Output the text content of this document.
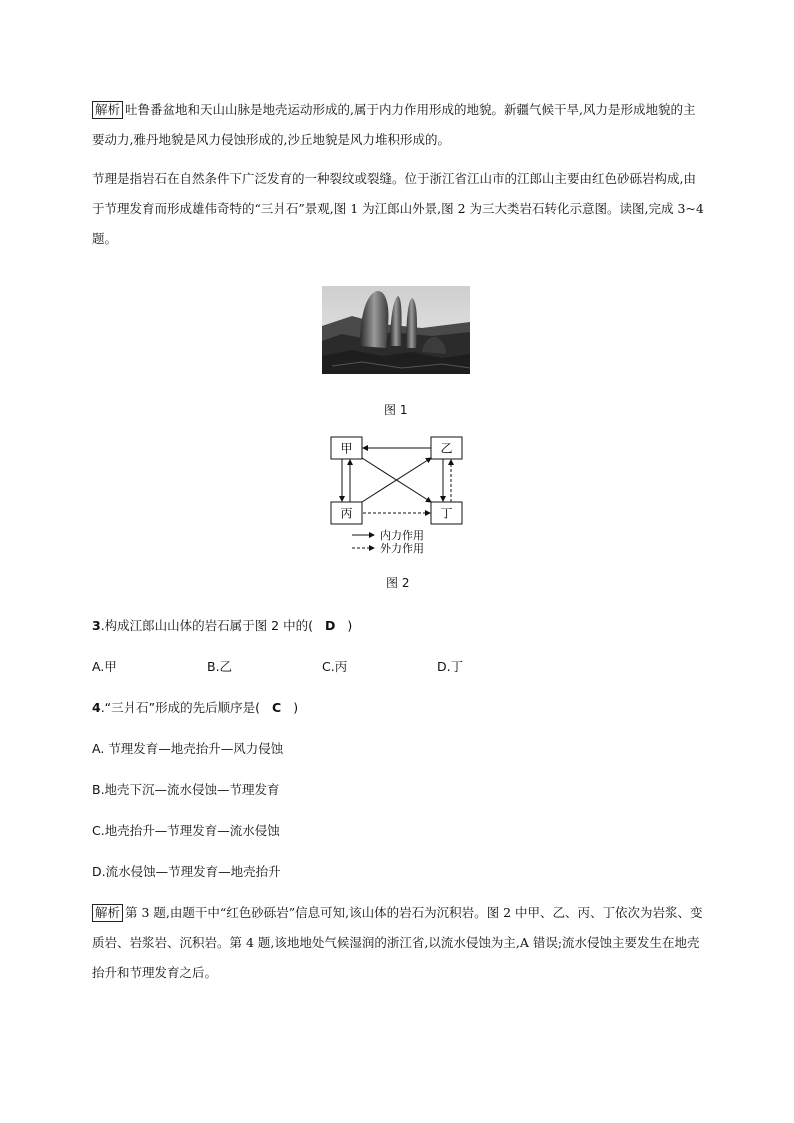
解析 吐鲁番盆地和天山山脉是地壳运动形成的,属于内力作用形成的地貌。新疆气候干旱,风力是形成地貌的主要动力,雅丹地貌是风力侵蚀形成的,沙丘地貌是风力堆积形成的。
节理是指岩石在自然条件下广泛发育的一种裂纹或裂缝。位于浙江省江山市的江郎山主要由红色砂砾岩构成,由于节理发育而形成雄伟奇特的“三爿石”景观,图 1 为江郎山外景,图 2 为三大类岩石转化示意图。读图,完成 3~4 题。
图 1
甲	乙
丙	丁
内力作用
外力作用
图 2
3.构成江郎山山体的岩石属于图 2 中的( D )
A.甲	B.乙	C.丙	D.丁
4.“三爿石”形成的先后顺序是( C )
A. 节理发育—地壳抬升—风力侵蚀
B.地壳下沉—流水侵蚀—节理发育
C.地壳抬升—节理发育—流水侵蚀
D.流水侵蚀—节理发育—地壳抬升
解析 第 3 题,由题干中“红色砂砾岩”信息可知,该山体的岩石为沉积岩。图 2 中甲、乙、丙、丁依次为岩浆、变质岩、岩浆岩、沉积岩。第 4 题,该地地处气候湿润的浙江省,以流水侵蚀为主,A 错误;流水侵蚀主要发生在地壳抬升和节理发育之后。
